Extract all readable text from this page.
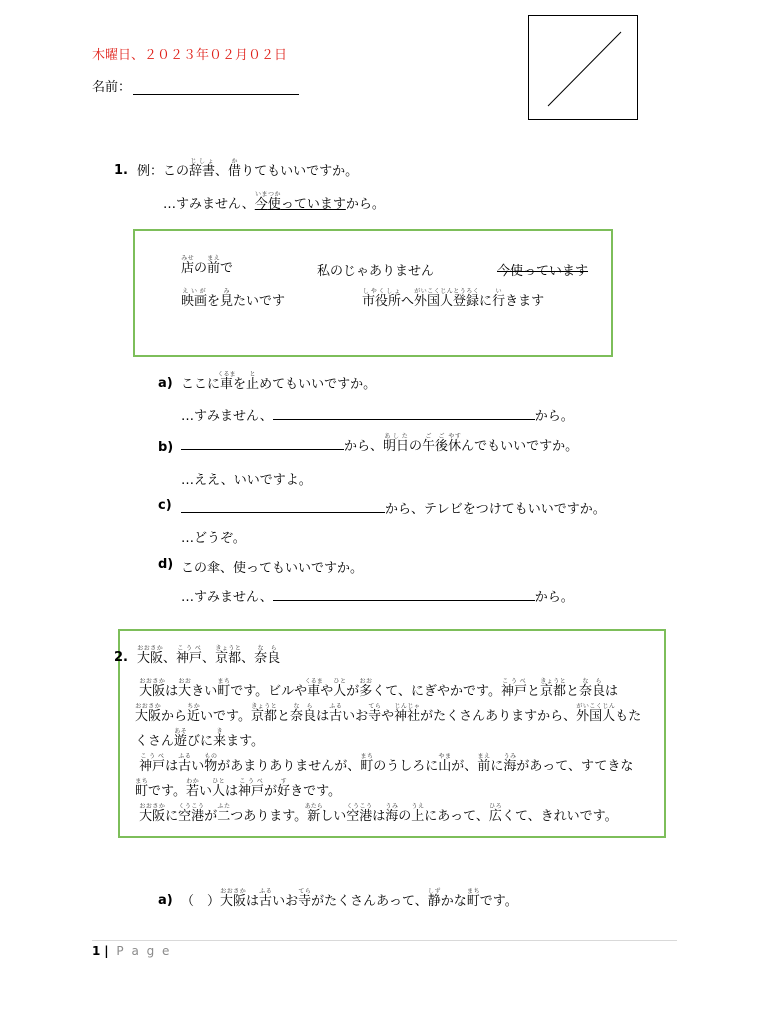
木曜日、２０２３年０２月０２日
名前：
1. 例：この辞書じしょ、借かりてもいいですか。
…すみません、今いま使つかっていますから。
店みせの前まえで	私のじゃありません	今使っています
映画えいがを見みたいです	市役所しやくしょへ外国人登録がいこくじんとうろくに行いきます
a) ここに車くるまを止とめてもいいですか。
…すみません、	から。
b)	から、明日あしたの午後ごご休やすんでもいいですか。
…ええ、いいですよ。
c)	から、テレビをつけてもいいですか。
…どうぞ。
d) この傘、使ってもいいですか。
…すみません、	から。
2. 大阪おおさか、神戸こうべ、京都きょうと、奈良なら

大阪おおさかは大おおきい町まちです。ビルや車くるまや人ひとが多おおくて、にぎやかです。神戸こうべと京都きょうとと奈良ならは

大阪おおさかから近ちかいです。京都きょうとと奈良ならは古ふるいお寺てらや神社じんじゃがたくさんありますから、外国人がいこくじんもた

くさん遊あそびに来きます。

神戸こうべは古ふるい物ものがあまりありませんが、町まちのうしろに山やまが、前まえに海うみがあって、すてきな

町まちです。若わかい人ひとは神戸こうべが好すきです。

大阪おおさかに空港くうこうが二ふたつあります。新あたらしい空港くうこうは海うみの上うえにあって、広ひろくて、きれいです。

a) （　）大阪おおさかは古ふるいお寺てらがたくさんあって、静しずかな町まちです。
1 | P a g e
